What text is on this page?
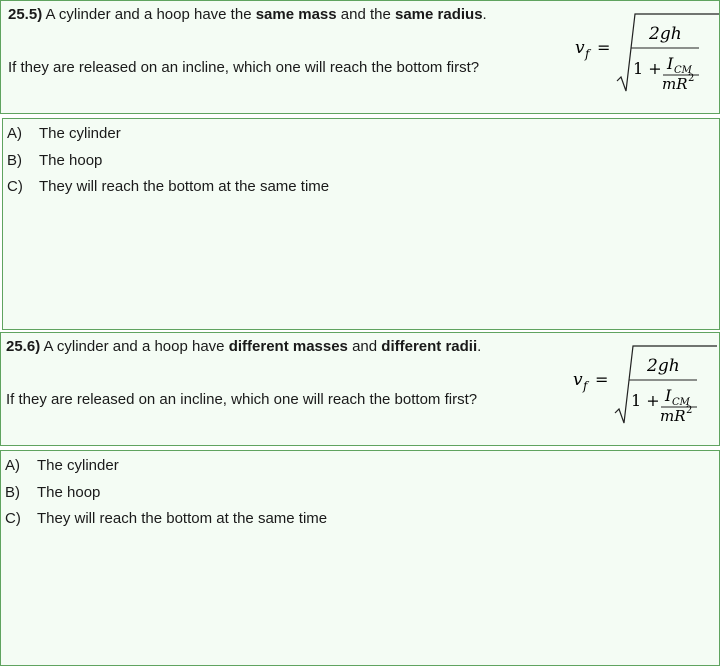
25.5) A cylinder and a hoop have the same mass and the same radius.
If they are released on an incline, which one will reach the bottom first?
v f =
2gh
1 + I CM
mR 2
A) The cylinder
B) The hoop
C) They will reach the bottom at the same time
25.6) A cylinder and a hoop have different masses and different radii.
If they are released on an incline, which one will reach the bottom first?
v f =
2gh
1 + I CM
mR 2
A) The cylinder
B) The hoop
C) They will reach the bottom at the same time
